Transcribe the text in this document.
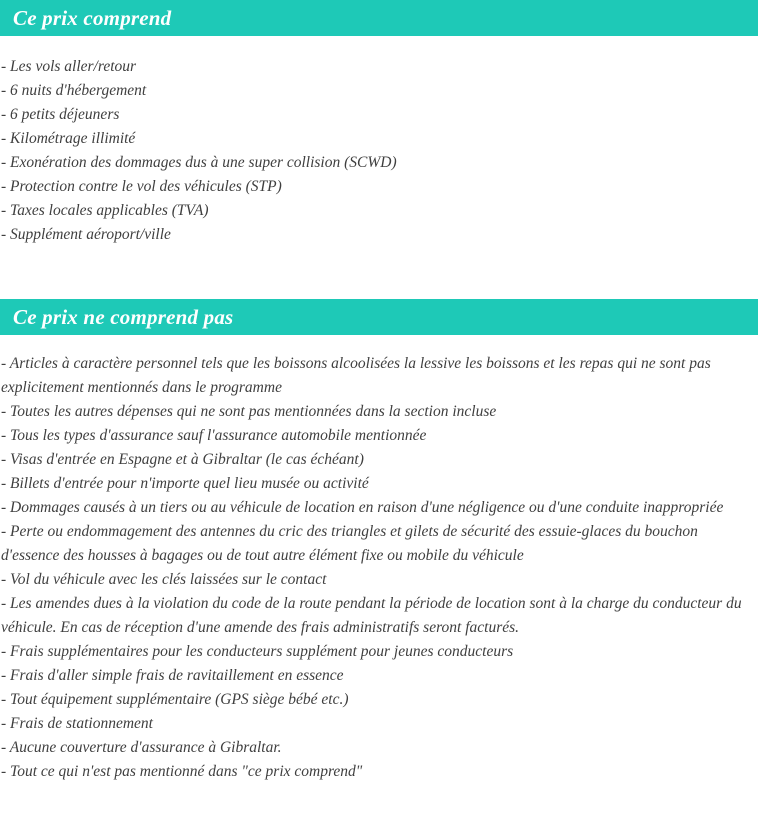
Ce prix comprend
- Les vols aller/retour
- 6 nuits d'hébergement
- 6 petits déjeuners
- Kilométrage illimité
- Exonération des dommages dus à une super collision (SCWD)
- Protection contre le vol des véhicules (STP)
- Taxes locales applicables (TVA)
- Supplément aéroport/ville
Ce prix ne comprend pas
- Articles à caractère personnel tels que les boissons alcoolisées la lessive les boissons et les repas qui ne sont pas explicitement mentionnés dans le programme
- Toutes les autres dépenses qui ne sont pas mentionnées dans la section incluse
- Tous les types d'assurance sauf l'assurance automobile mentionnée
- Visas d'entrée en Espagne et à Gibraltar (le cas échéant)
- Billets d'entrée pour n'importe quel lieu musée ou activité
- Dommages causés à un tiers ou au véhicule de location en raison d'une négligence ou d'une conduite inappropriée
- Perte ou endommagement des antennes du cric des triangles et gilets de sécurité des essuie-glaces du bouchon d'essence des housses à bagages ou de tout autre élément fixe ou mobile du véhicule
- Vol du véhicule avec les clés laissées sur le contact
- Les amendes dues à la violation du code de la route pendant la période de location sont à la charge du conducteur du véhicule. En cas de réception d'une amende des frais administratifs seront facturés.
- Frais supplémentaires pour les conducteurs supplément pour jeunes conducteurs
- Frais d'aller simple frais de ravitaillement en essence
- Tout équipement supplémentaire (GPS siège bébé etc.)
- Frais de stationnement
- Aucune couverture d'assurance à Gibraltar.
- Tout ce qui n'est pas mentionné dans "ce prix comprend"
